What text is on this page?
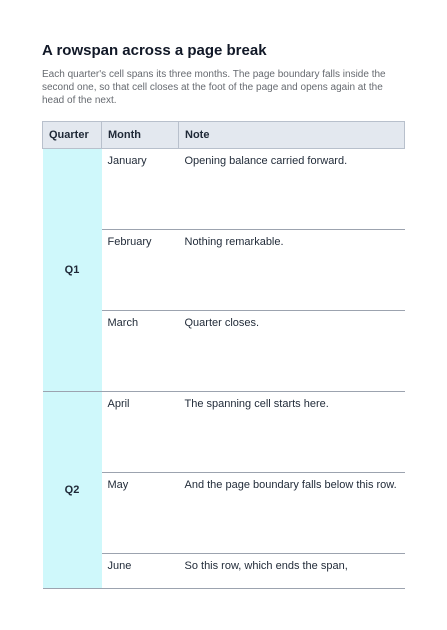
A rowspan across a page break
Each quarter's cell spans its three months. The page boundary falls inside the second one, so that cell closes at the foot of the page and opens again at the head of the next.
Quarter	Month	Note
Q1	January	Opening balance carried forward.
	February	Nothing remarkable.
	March	Quarter closes.
Q2	April	The spanning cell starts here.
	May	And the page boundary falls below this row.
	June	So this row, which ends the span,
